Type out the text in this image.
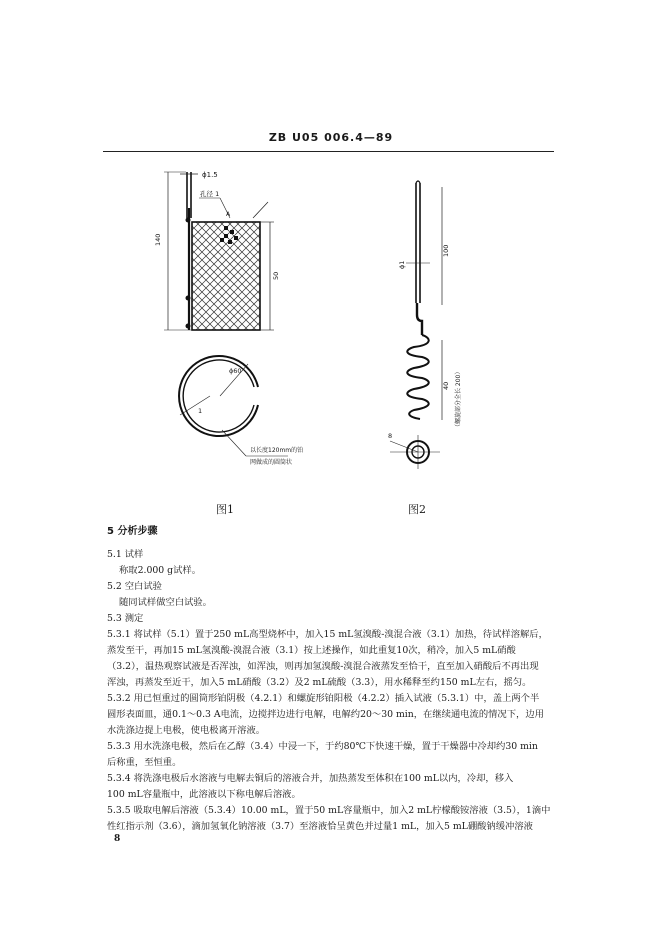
ZB U05 006.4—89
ϕ1.5
孔径 1
A
140
50
ϕ60
1
以长度120mm的铂
网做成的圆筒状
ϕ1
100
40 （螺旋部分全长 200）
8
图1	图2
5 分析步骤
5.1 试样
称取2.000 g试样。
5.2 空白试验
随同试样做空白试验。
5.3 测定
5.3.1 将试样（5.1）置于250 mL高型烧杯中，加入15 mL氢溴酸-溴混合液（3.1）加热，待试样溶解后，
蒸发至干，再加15 mL氢溴酸-溴混合液（3.1）按上述操作，如此重复10次，稍冷，加入5 mL硝酸
（3.2），温热观察试液是否浑浊，如浑浊，则再加氢溴酸-溴混合液蒸发至恰干，直至加入硝酸后不再出现
浑浊，再蒸发至近干，加入5 mL硝酸（3.2）及2 mL硫酸（3.3），用水稀释至约150 mL左右，摇匀。
5.3.2 用已恒重过的圆筒形铂阴极（4.2.1）和螺旋形铂阳极（4.2.2）插入试液（5.3.1）中，盖上两个半
圆形表面皿，通0.1～0.3 A电流，边搅拌边进行电解，电解约20～30 min，在继续通电流的情况下，边用
水洗涤边提上电极，使电极离开溶液。
5.3.3 用水洗涤电极，然后在乙醇（3.4）中浸一下，于约80℃下快速干燥，置于干燥器中冷却约30 min
后称重，至恒重。
5.3.4 将洗涤电极后水溶液与电解去铜后的溶液合并，加热蒸发至体积在100 mL以内，冷却，移入
100 mL容量瓶中，此溶液以下称电解后溶液。
5.3.5 吸取电解后溶液（5.3.4）10.00 mL，置于50 mL容量瓶中，加入2 mL柠檬酸铵溶液（3.5），1滴中
性红指示剂（3.6），滴加氢氧化钠溶液（3.7）至溶液恰呈黄色并过量1 mL，加入5 mL硼酸钠缓冲溶液
8
